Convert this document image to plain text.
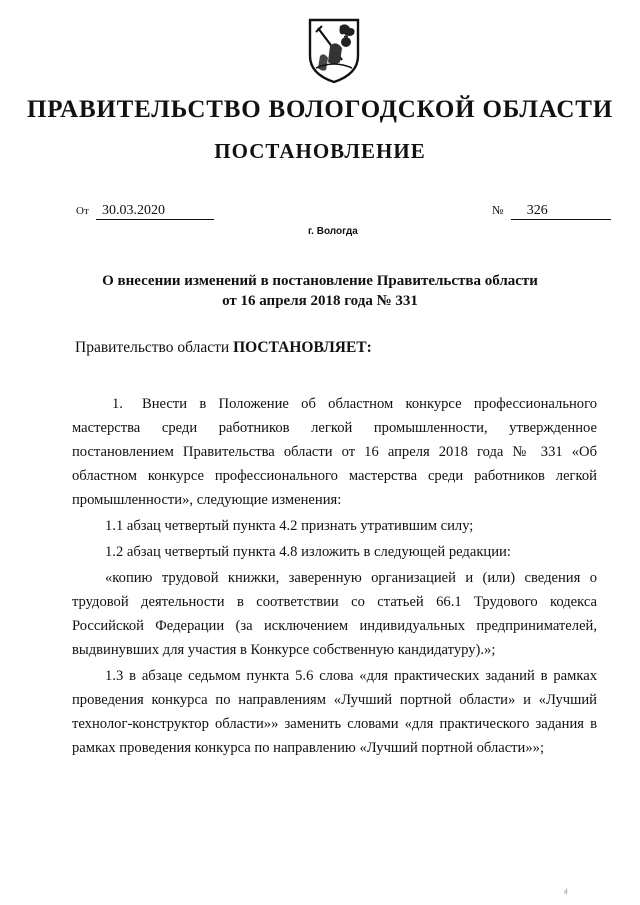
ПРАВИТЕЛЬСТВО ВОЛОГОДСКОЙ ОБЛАСТИ
ПОСТАНОВЛЕНИЕ
От 30.03.2020	№ 326
г. Вологда
О внесении изменений в постановление Правительства области
от 16 апреля 2018 года № 331
Правительство области ПОСТАНОВЛЯЕТ:

1. Внести в Положение об областном конкурсе профессионального мастерства среди работников легкой промышленности, утвержденное постановлением Правительства области от 16 апреля 2018 года № 331 «Об областном конкурсе профессионального мастерства среди работников легкой промышленности», следующие изменения:

1.1 абзац четвертый пункта 4.2 признать утратившим силу;

1.2 абзац четвертый пункта 4.8 изложить в следующей редакции:

«копию трудовой книжки, заверенную организацией и (или) сведения о трудовой деятельности в соответствии со статьей 66.1 Трудового кодекса Российской Федерации (за исключением индивидуальных предпринимателей, выдвинувших для участия в Конкурсе собственную кандидатуру).»;

1.3 в абзаце седьмом пункта 5.6 слова «для практических заданий в рамках проведения конкурса по направлениям «Лучший портной области» и «Лучший технолог-конструктор области»» заменить словами «для практического задания в рамках проведения конкурса по направлению «Лучший портной области»»;

ıl
